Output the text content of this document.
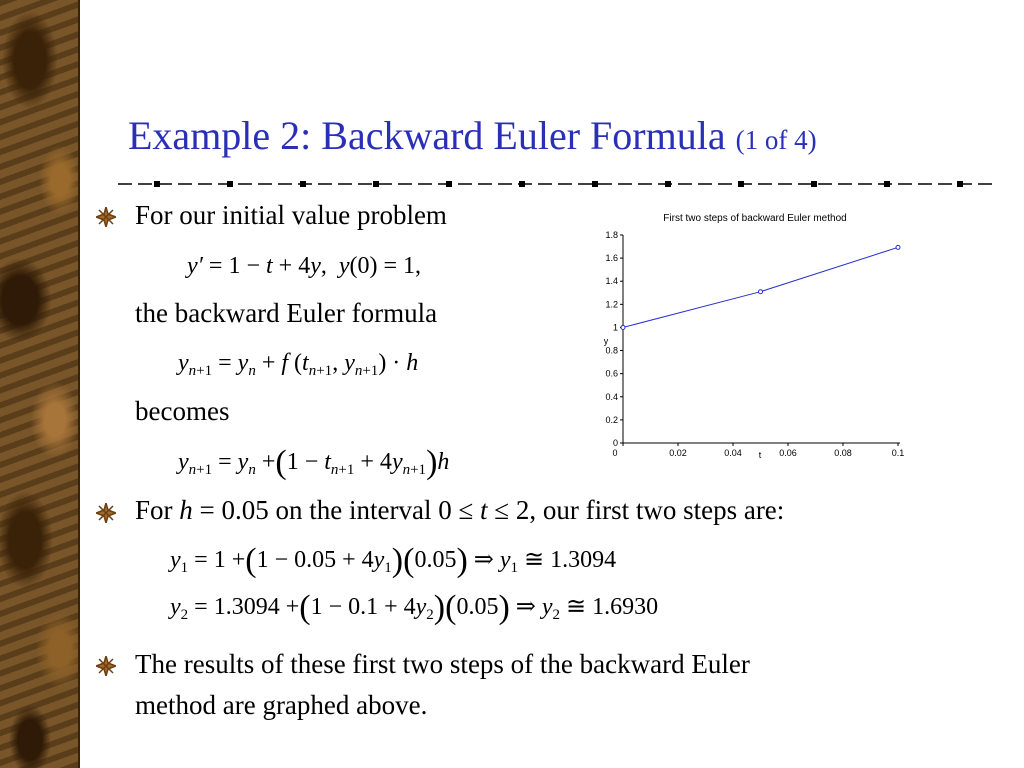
Example 2: Backward Euler Formula (1 of 4)
For our initial value problem
y′ = 1 − t + 4y,  y(0) = 1,
the backward Euler formula
$y_{n+1} = y_n + f$ ($t_{n+1}$, $y_{n+1}) \cdot h$
becomes
$y_{n+1} = y_n +(1 - t_{n+1} + 4y_{n+1})h$
For h = 0.05 on the interval 0 ≤ t ≤ 2, our first two steps are:
$y_1 = 1 +(1 - 0.05 + 4y_1)(0.05)$ ⇒ $y_1$ ≅ 1.3094
$y_2 = 1.3094 +(1 - 0.1 + 4y_2)(0.05)$ ⇒ $y_2$ ≅ 1.6930
The results of these first two steps of the backward Euler
method are graphed above.
First two steps of backward Euler method
0
0.2
0.4
0.6
0.8
1
1.2
1.4
1.6
1.8
0	0.02	0.04	0.06	0.08	0.1
y
t
